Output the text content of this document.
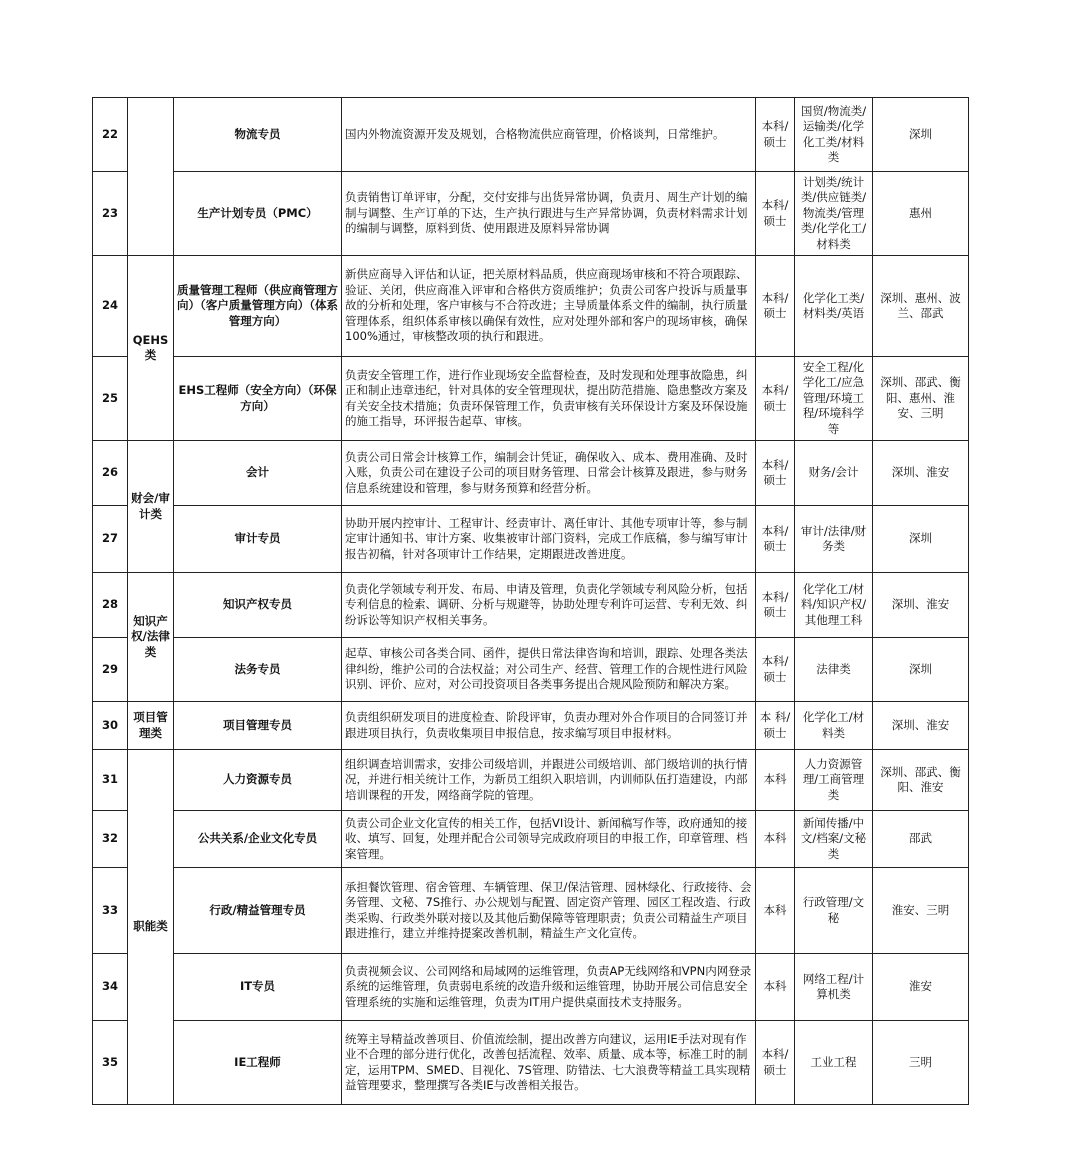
22		物流专员	国内外物流资源开发及规划，合格物流供应商管理，价格谈判，日常维护。	本科/硕士	国贸/物流类/运输类/化学化工类/材料类	深圳
23		生产计划专员（PMC）	负责销售订单评审，分配，交付安排与出货异常协调，负责月、周生产计划的编制与调整、生产订单的下达，生产执行跟进与生产异常协调，负责材料需求计划的编制与调整，原料到货、使用跟进及原料异常协调	本科/硕士	计划类/统计类/供应链类/物流类/管理类/化学化工/材料类	惠州
24	QEHS类	质量管理工程师（供应商管理方向）（客户质量管理方向）（体系管理方向）	新供应商导入评估和认证，把关原材料品质，供应商现场审核和不符合项跟踪、验证、关闭，供应商准入评审和合格供方资质维护；负责公司客户投诉与质量事故的分析和处理，客户审核与不合符改进；主导质量体系文件的编制，执行质量管理体系，组织体系审核以确保有效性，应对处理外部和客户的现场审核，确保100%通过，审核整改项的执行和跟进。	本科/硕士	化学化工类/材料类/英语	深圳、惠州、波兰、邵武
25		EHS工程师（安全方向）（环保方向）	负责安全管理工作，进行作业现场安全监督检查，及时发现和处理事故隐患，纠正和制止违章违纪，针对具体的安全管理现状，提出防范措施、隐患整改方案及有关安全技术措施；负责环保管理工作，负责审核有关环保设计方案及环保设施的施工指导，环评报告起草、审核。	本科/硕士	安全工程/化学化工/应急管理/环境工程/环境科学等	深圳、邵武、衡阳、惠州、淮安、三明
26	财会/审计类	会计	负责公司日常会计核算工作，编制会计凭证，确保收入、成本、费用准确、及时入账，负责公司在建设子公司的项目财务管理、日常会计核算及跟进，参与财务信息系统建设和管理，参与财务预算和经营分析。	本科/硕士	财务/会计	深圳、淮安
27		审计专员	协助开展内控审计、工程审计、经责审计、离任审计、其他专项审计等，参与制定审计通知书、审计方案、收集被审计部门资料，完成工作底稿，参与编写审计报告初稿，针对各项审计工作结果，定期跟进改善进度。	本科/硕士	审计/法律/财务类	深圳
28	知识产权/法律类	知识产权专员	负责化学领域专利开发、布局、申请及管理，负责化学领域专利风险分析，包括专利信息的检索、调研、分析与规避等，协助处理专利许可运营、专利无效、纠纷诉讼等知识产权相关事务。	本科/硕士	化学化工/材料/知识产权/其他理工科	深圳、淮安
29		法务专员	起草、审核公司各类合同、函件，提供日常法律咨询和培训，跟踪、处理各类法律纠纷，维护公司的合法权益；对公司生产、经营、管理工作的合规性进行风险识别、评价、应对，对公司投资项目各类事务提出合规风险预防和解决方案。	本科/硕士	法律类	深圳
30	项目管理类	项目管理专员	负责组织研发项目的进度检查、阶段评审，负责办理对外合作项目的合同签订并跟进项目执行，负责收集项目申报信息，按求编写项目申报材料。	本 科/硕士	化学化工/材料类	深圳、淮安
31	职能类	人力资源专员	组织调查培训需求，安排公司级培训，并跟进公司级培训、部门级培训的执行情况，并进行相关统计工作，为新员工组织入职培训，内训师队伍打造建设，内部培训课程的开发，网络商学院的管理。	本科	人力资源管理/工商管理类	深圳、邵武、衡阳、淮安
32		公共关系/企业文化专员	负责公司企业文化宣传的相关工作，包括VI设计、新闻稿写作等，政府通知的接收、填写、回复，处理并配合公司领导完成政府项目的申报工作，印章管理、档案管理。	本科	新闻传播/中文/档案/文秘类	邵武
33		行政/精益管理专员	承担餐饮管理、宿舍管理、车辆管理、保卫/保洁管理、园林绿化、行政接待、会务管理、文秘、7S推行、办公规划与配置、固定资产管理、园区工程改造、行政类采购、行政类外联对接以及其他后勤保障等管理职责；负责公司精益生产项目跟进推行，建立并维持提案改善机制，精益生产文化宣传。	本科	行政管理/文秘	淮安、三明
34		IT专员	负责视频会议、公司网络和局域网的运维管理，负责AP无线网络和VPN内网登录系统的运维管理，负责弱电系统的改造升级和运维管理，协助开展公司信息安全管理系统的实施和运维管理，负责为IT用户提供桌面技术支持服务。	本科	网络工程/计算机类	淮安
35		IE工程师	统筹主导精益改善项目、价值流绘制，提出改善方向建议，运用IE手法对现有作业不合理的部分进行优化，改善包括流程、效率、质量、成本等，标准工时的制定，运用TPM、SMED、目视化、7S管理、防错法、七大浪费等精益工具实现精益管理要求，整理撰写各类IE与改善相关报告。	本科/硕士	工业工程	三明
